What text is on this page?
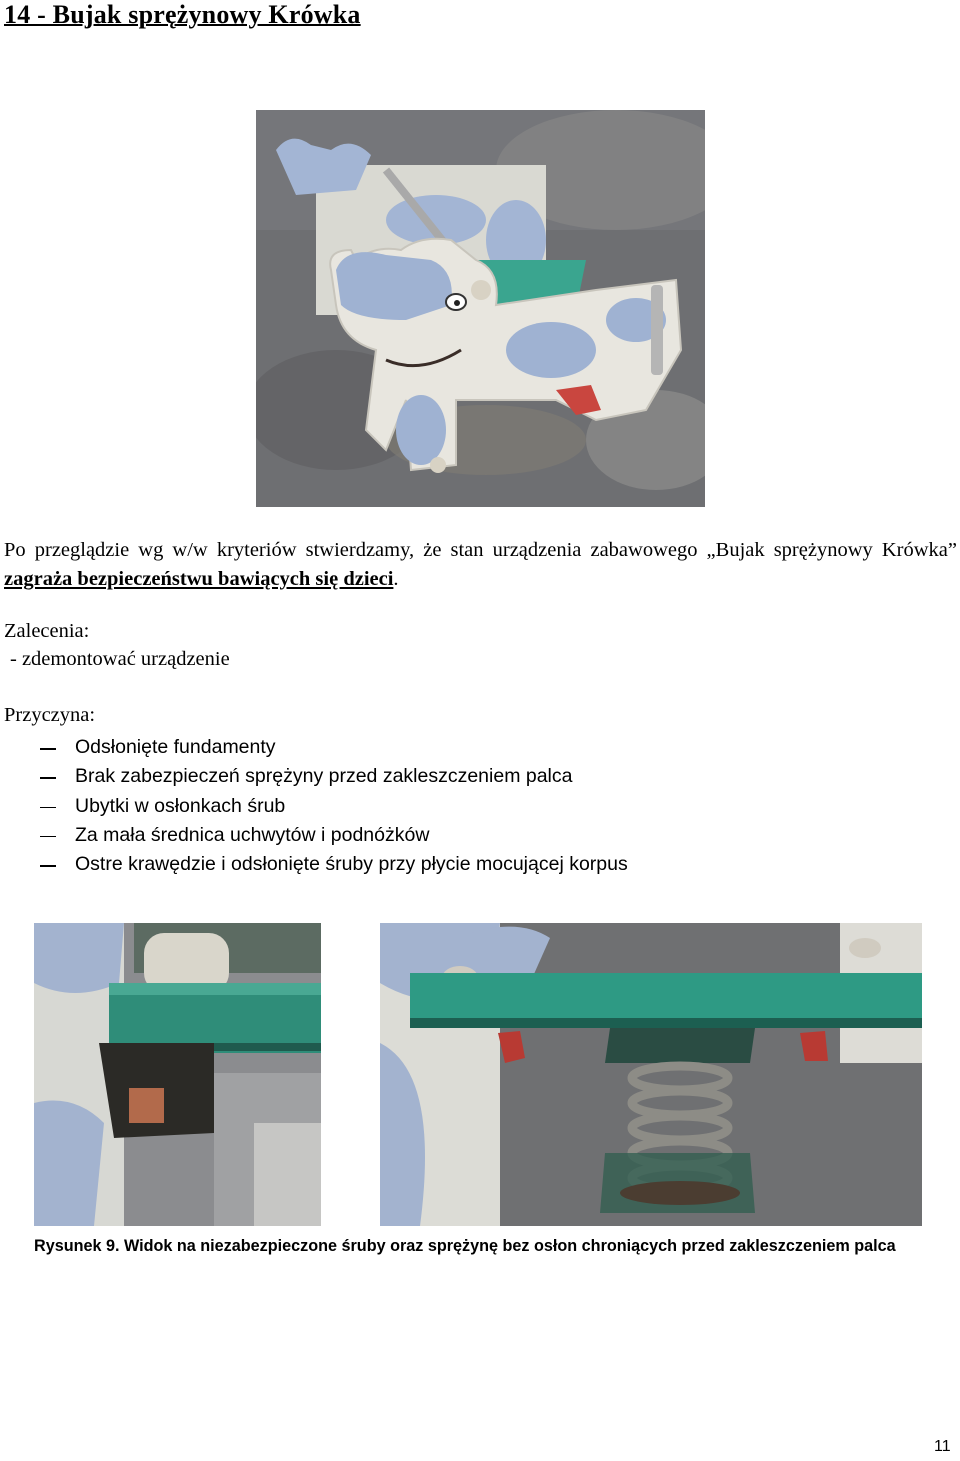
14 - Bujak sprężynowy Krówka
Po przeglądzie wg w/w kryteriów stwierdzamy, że stan urządzenia zabawowego „Bujak sprężynowy Krówka” zagraża bezpieczeństwu bawiących się dzieci.
Zalecenia:
- zdemontować urządzenie
Przyczyna:
Odsłonięte fundamenty
Brak zabezpieczeń sprężyny przed zakleszczeniem palca
Ubytki w osłonkach śrub
Za mała średnica uchwytów i podnóżków
Ostre krawędzie i odsłonięte śruby przy płycie mocującej korpus
Rysunek 9. Widok na niezabezpieczone śruby oraz sprężynę bez osłon chroniących przed zakleszczeniem palca
11
